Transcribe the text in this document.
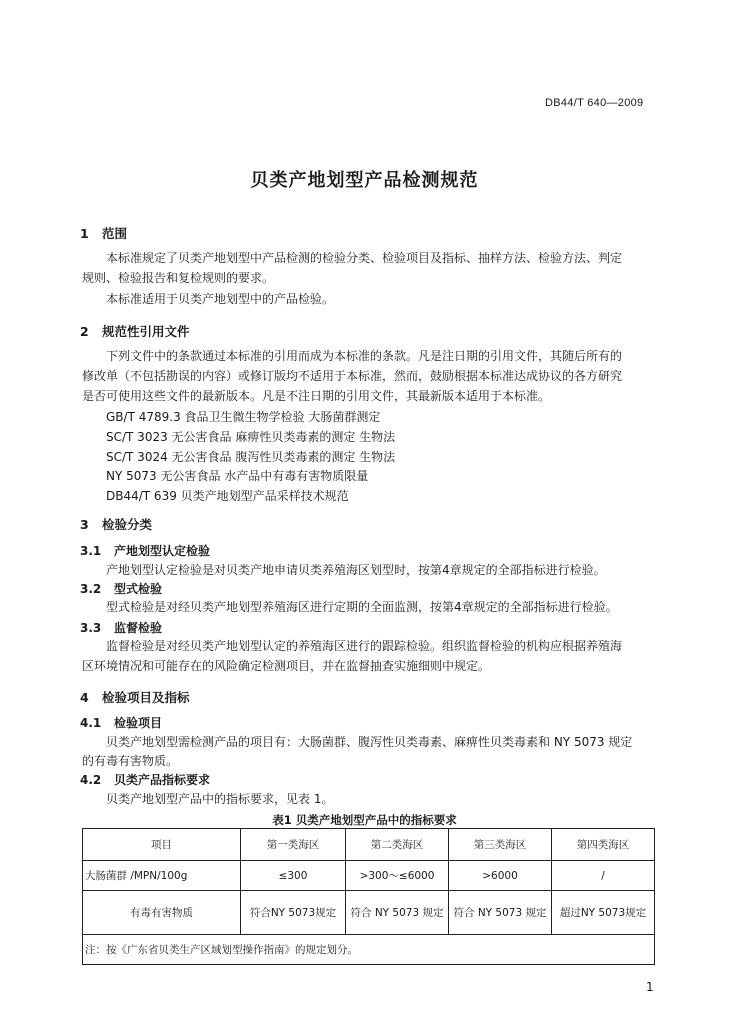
DB44/T 640—2009
贝类产地划型产品检测规范
1 范围
本标准规定了贝类产地划型中产品检测的检验分类、检验项目及指标、抽样方法、检验方法、判定
规则、检验报告和复检规则的要求。
本标准适用于贝类产地划型中的产品检验。
2 规范性引用文件
下列文件中的条款通过本标准的引用而成为本标准的条款。凡是注日期的引用文件，其随后所有的
修改单（不包括勘误的内容）或修订版均不适用于本标准，然而，鼓励根据本标准达成协议的各方研究
是否可使用这些文件的最新版本。凡是不注日期的引用文件，其最新版本适用于本标准。
GB/T 4789.3 食品卫生微生物学检验 大肠菌群测定
SC/T 3023 无公害食品 麻痹性贝类毒素的测定 生物法
SC/T 3024 无公害食品 腹泻性贝类毒素的测定 生物法
NY 5073 无公害食品 水产品中有毒有害物质限量
DB44/T 639 贝类产地划型产品采样技术规范
3 检验分类
3.1 产地划型认定检验
产地划型认定检验是对贝类产地申请贝类养殖海区划型时，按第4章规定的全部指标进行检验。
3.2 型式检验
型式检验是对经贝类产地划型养殖海区进行定期的全面监测，按第4章规定的全部指标进行检验。
3.3 监督检验
监督检验是对经贝类产地划型认定的养殖海区进行的跟踪检验。组织监督检验的机构应根据养殖海
区环境情况和可能存在的风险确定检测项目，并在监督抽查实施细则中规定。
4 检验项目及指标
4.1 检验项目
贝类产地划型需检测产品的项目有：大肠菌群、腹泻性贝类毒素、麻痹性贝类毒素和 NY 5073 规定
的有毒有害物质。
4.2 贝类产品指标要求
贝类产地划型产品中的指标要求，见表 1。
表1 贝类产地划型产品中的指标要求
项目	第一类海区	第二类海区	第三类海区	第四类海区
大肠菌群 /MPN/100g	≤300	>300～≤6000	>6000	/
有毒有害物质	符合NY 5073规定	符合 NY 5073 规定	符合 NY 5073 规定	超过NY 5073规定
注：按《广东省贝类生产区域划型操作指南》的规定划分。				
1
